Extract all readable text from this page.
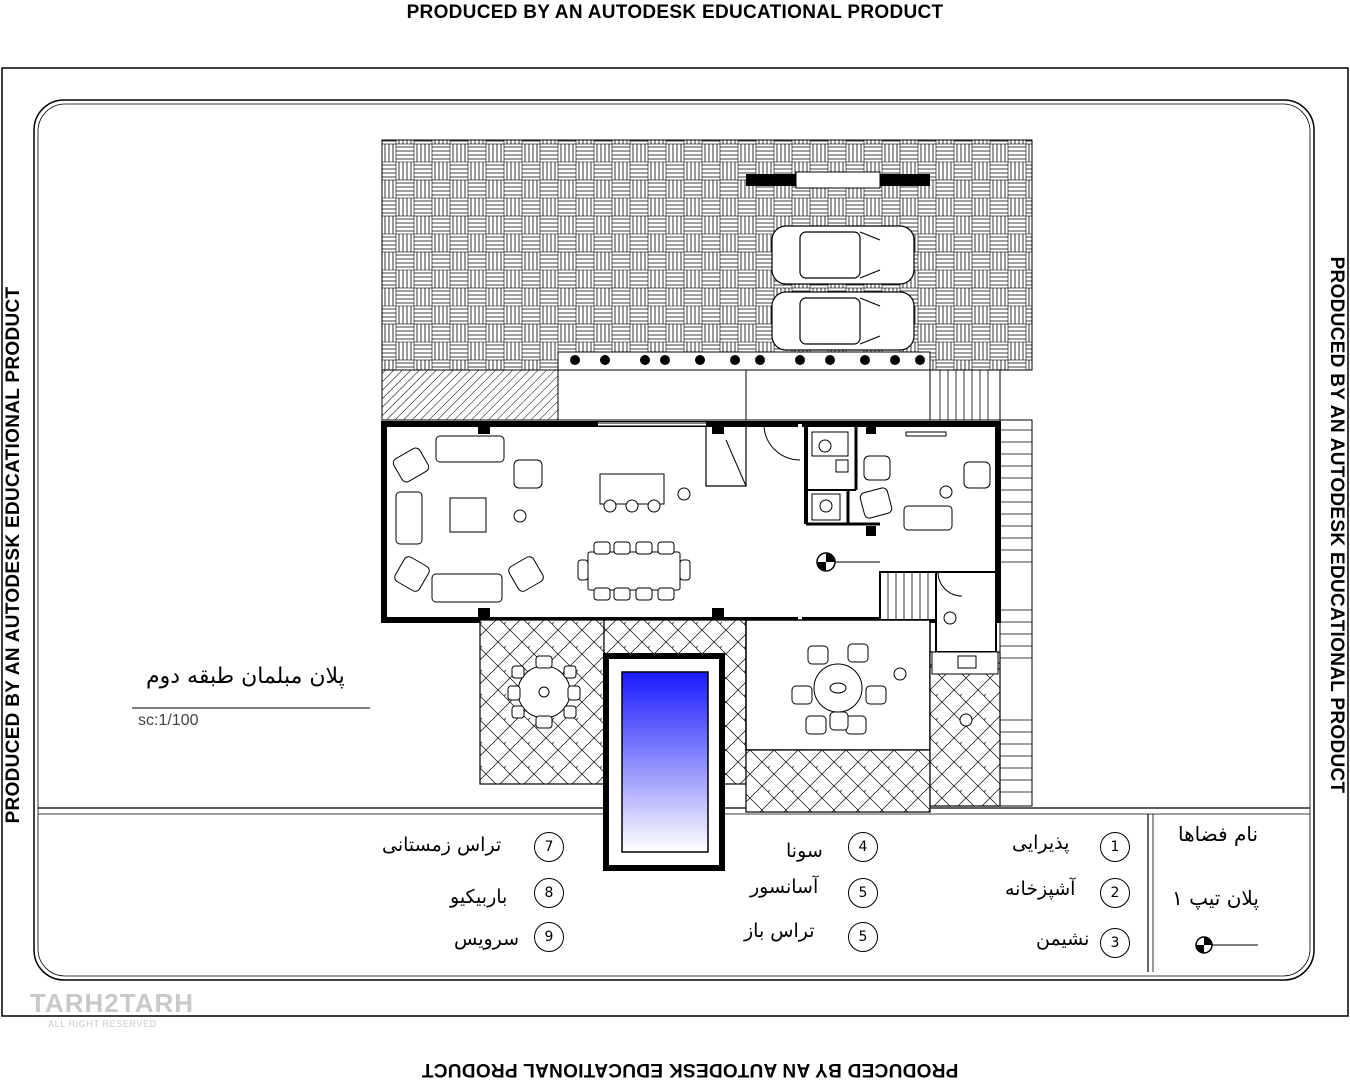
PRODUCED BY AN AUTODESK EDUCATIONAL PRODUCT
PRODUCED BY AN AUTODESK EDUCATIONAL PRODUCT
PRODUCED BY AN AUTODESK EDUCATIONAL PRODUCT	PRODUCED BY AN AUTODESK EDUCATIONAL PRODUCT
پلان مبلمان طبقه دوم
sc:1/100
نام فضاها
پلان تیپ ۱
1
پذیرایی
2
آشپزخانه
3
نشیمن
4
سونا
5
آسانسور
5
تراس باز
7
تراس زمستانی
8
باربیکیو
9
سرویس
TARH2TARH
ALL RIGHT RESERVED
